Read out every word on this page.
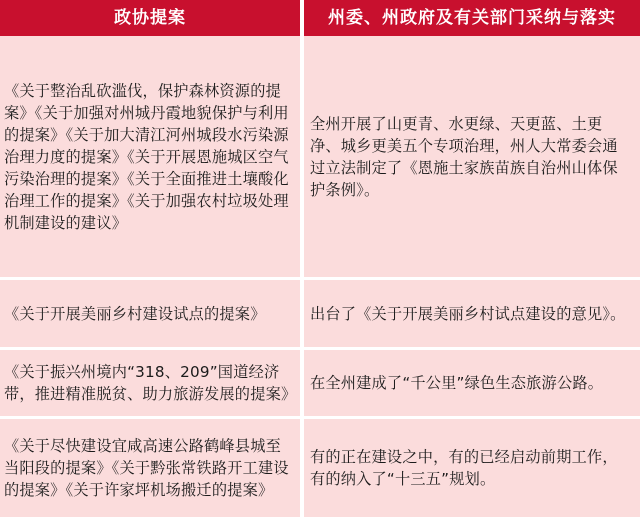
政协提案	州委、州政府及有关部门采纳与落实
《关于整治乱砍滥伐，保护森林资源的提案》《关于加强对州城丹霞地貌保护与利用的提案》《关于加大清江河州城段水污染源治理力度的提案》《关于开展恩施城区空气污染治理的提案》《关于全面推进土壤酸化治理工作的提案》《关于加强农村垃圾处理机制建设的建议》
全州开展了山更青、水更绿、天更蓝、土更净、城乡更美五个专项治理，州人大常委会通过立法制定了《恩施土家族苗族自治州山体保护条例》。
《关于开展美丽乡村建设试点的提案》	出台了《关于开展美丽乡村试点建设的意见》。
《关于振兴州境内“318、209”国道经济带，推进精准脱贫、助力旅游发展的提案》
在全州建成了“千公里”绿色生态旅游公路。
《关于尽快建设宜咸高速公路鹤峰县城至当阳段的提案》《关于黔张常铁路开工建设的提案》《关于许家坪机场搬迁的提案》
有的正在建设之中，有的已经启动前期工作，有的纳入了“十三五”规划。
